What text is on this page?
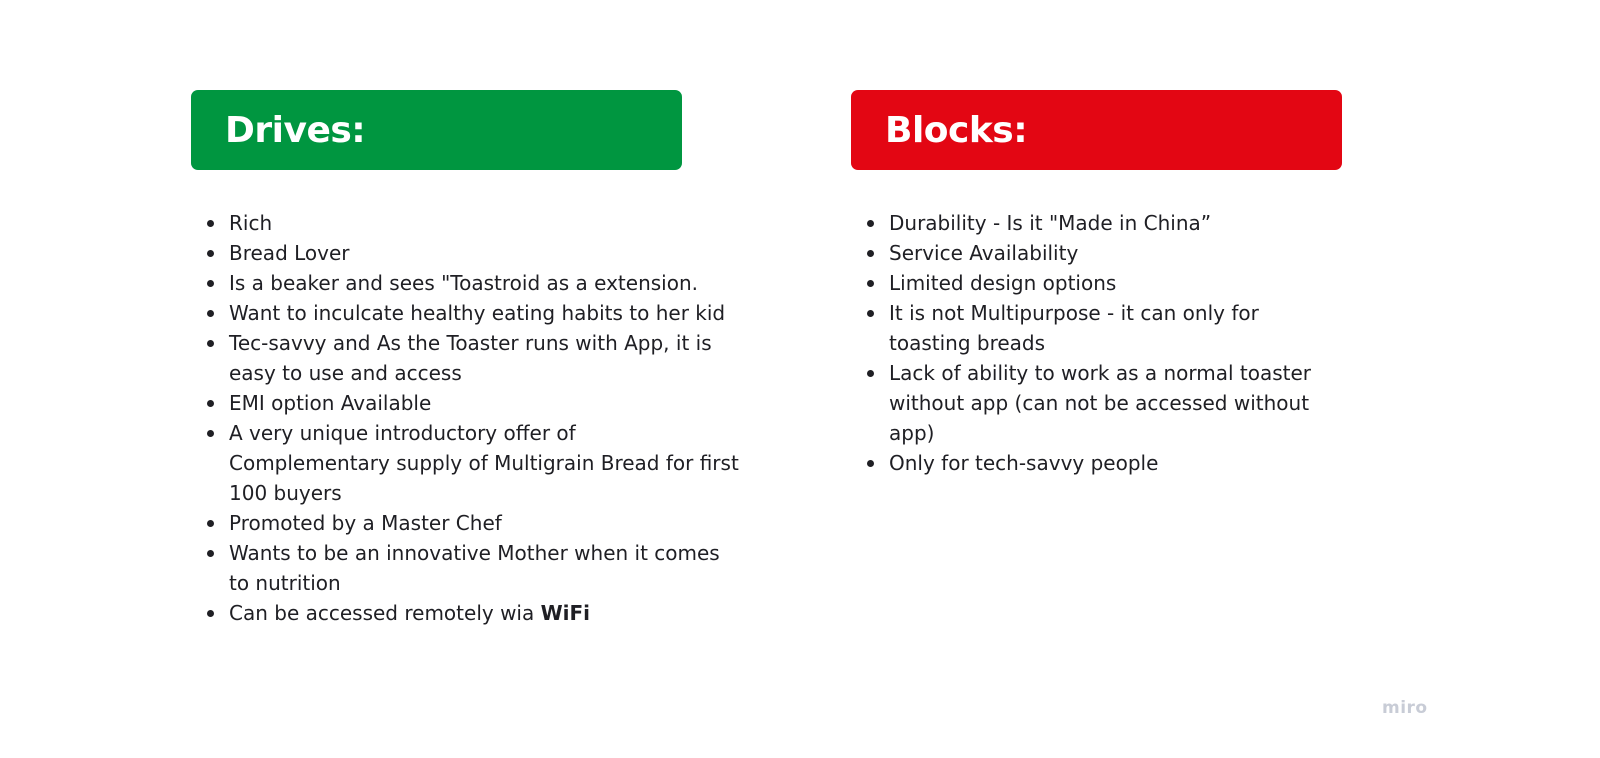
Drives:
Rich
Bread Lover
Is a beaker and sees "Toastroid as a extension.
Want to inculcate healthy eating habits to her kid
Tec-savvy and As the Toaster runs with App, it is easy to use and access
EMI option Available
A very unique introductory offer of Complementary supply of Multigrain Bread for first 100 buyers
Promoted by a Master Chef
Wants to be an innovative Mother when it comes to nutrition
Can be accessed remotely wia WiFi
Blocks:
Durability - Is it "Made in China”
Service Availability
Limited design options
It is not Multipurpose - it can only for toasting breads
Lack of ability to work as a normal toaster without app (can not be accessed without app)
Only for tech-savvy people
miro
